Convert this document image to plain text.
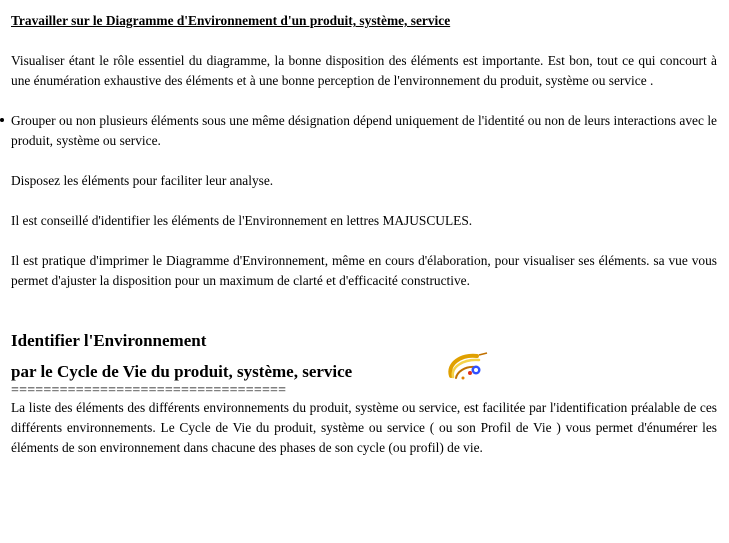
Travailler sur le Diagramme d'Environnement d'un produit, système, service

Visualiser étant le rôle essentiel du diagramme, la bonne disposition des éléments est importante. Est bon, tout ce qui concourt à une énumération exhaustive des éléments et à une bonne perception de l'environnement du produit, système ou service .

Grouper ou non plusieurs éléments sous une même désignation dépend uniquement de l'identité ou non de leurs interactions avec le produit, système ou service.

Disposez les éléments pour faciliter leur analyse.

Il est conseillé d'identifier les éléments de l'Environnement en lettres MAJUSCULES.

Il est pratique d'imprimer le Diagramme d'Environnement, même en cours d'élaboration, pour visualiser ses éléments. sa vue vous permet d'ajuster la disposition pour un maximum de clarté et d'efficacité constructive.

Identifier l'Environnement
par le Cycle de Vie du produit, système, service
==================================

La liste des éléments des différents environnements du produit, système ou service, est facilitée par l'identification préalable de ces différents environnements. Le Cycle de Vie du produit, système ou service ( ou son Profil de Vie ) vous permet d'énumérer les éléments de son environnement dans chacune des phases de son cycle (ou profil) de vie.
